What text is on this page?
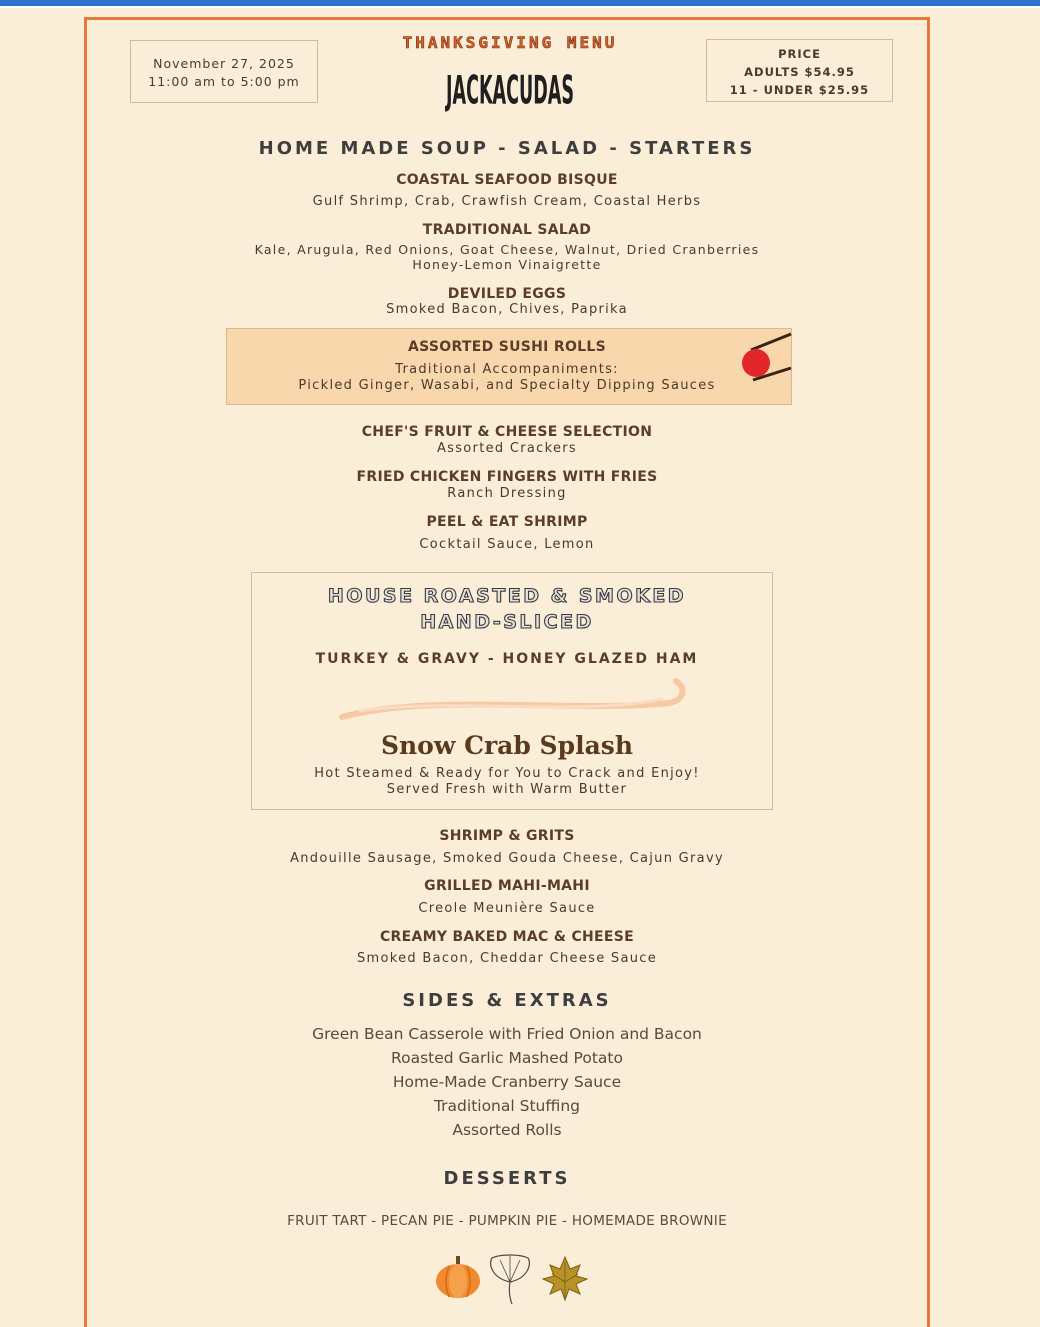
November 27, 2025
11:00 am to 5:00 pm
PRICE
ADULTS $54.95
11 - UNDER $25.95
THANKSGIVING MENU
JACKACUDAS
HOME MADE SOUP - SALAD - STARTERS
COASTAL SEAFOOD BISQUE
Gulf Shrimp, Crab, Crawfish Cream, Coastal Herbs
TRADITIONAL SALAD
Kale, Arugula, Red Onions, Goat Cheese, Walnut, Dried Cranberries
Honey-Lemon Vinaigrette
DEVILED EGGS
Smoked Bacon, Chives, Paprika
ASSORTED SUSHI ROLLS
Traditional Accompaniments:
Pickled Ginger, Wasabi, and Specialty Dipping Sauces
CHEF'S FRUIT & CHEESE SELECTION
Assorted Crackers
FRIED CHICKEN FINGERS WITH FRIES
Ranch Dressing
PEEL & EAT SHRIMP
Cocktail Sauce, Lemon
HOUSE ROASTED & SMOKED
HAND-SLICED
TURKEY & GRAVY - HONEY GLAZED HAM
Snow Crab Splash
Hot Steamed & Ready for You to Crack and Enjoy!
Served Fresh with Warm Butter
SHRIMP & GRITS
Andouille Sausage, Smoked Gouda Cheese, Cajun Gravy
GRILLED MAHI-MAHI
Creole Meunière Sauce
CREAMY BAKED MAC & CHEESE
Smoked Bacon, Cheddar Cheese Sauce
SIDES & EXTRAS
Green Bean Casserole with Fried Onion and Bacon
Roasted Garlic Mashed Potato
Home-Made Cranberry Sauce
Traditional Stuffing
Assorted Rolls
DESSERTS
FRUIT TART - PECAN PIE - PUMPKIN PIE - HOMEMADE BROWNIE
